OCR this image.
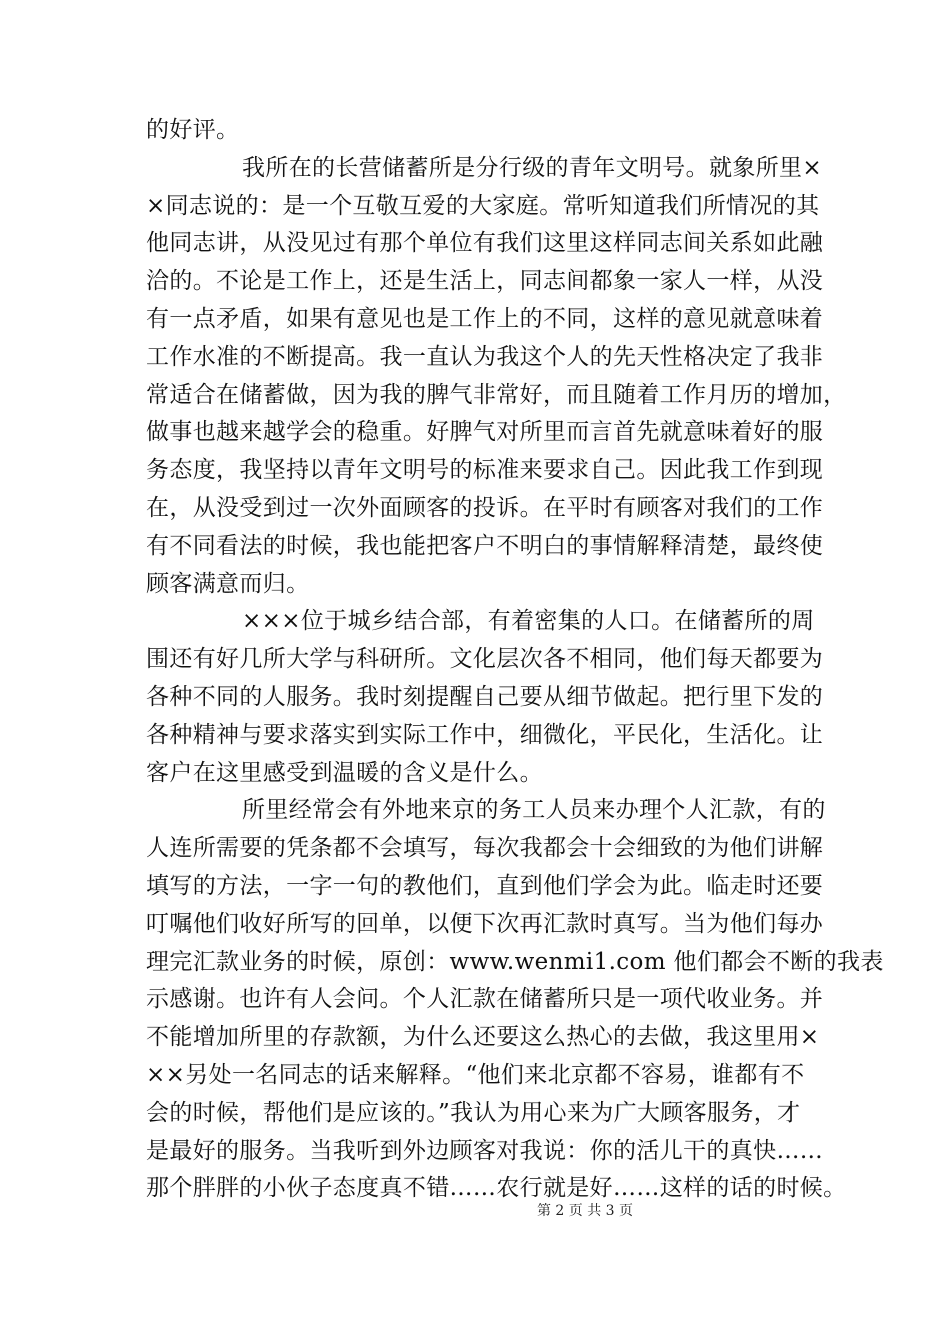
的好评。
我所在的长营储蓄所是分行级的青年文明号。就象所里×
×同志说的：是一个互敬互爱的大家庭。常听知道我们所情况的其
他同志讲，从没见过有那个单位有我们这里这样同志间关系如此融
洽的。不论是工作上，还是生活上，同志间都象一家人一样，从没
有一点矛盾，如果有意见也是工作上的不同，这样的意见就意味着
工作水准的不断提高。我一直认为我这个人的先天性格决定了我非
常适合在储蓄做，因为我的脾气非常好，而且随着工作月历的增加，
做事也越来越学会的稳重。好脾气对所里而言首先就意味着好的服
务态度，我坚持以青年文明号的标准来要求自己。因此我工作到现
在，从没受到过一次外面顾客的投诉。在平时有顾客对我们的工作
有不同看法的时候，我也能把客户不明白的事情解释清楚，最终使
顾客满意而归。
×××位于城乡结合部，有着密集的人口。在储蓄所的周
围还有好几所大学与科研所。文化层次各不相同，他们每天都要为
各种不同的人服务。我时刻提醒自己要从细节做起。把行里下发的
各种精神与要求落实到实际工作中，细微化，平民化，生活化。让
客户在这里感受到温暖的含义是什么。
所里经常会有外地来京的务工人员来办理个人汇款，有的
人连所需要的凭条都不会填写，每次我都会十会细致的为他们讲解
填写的方法，一字一句的教他们，直到他们学会为此。临走时还要
叮嘱他们收好所写的回单，以便下次再汇款时真写。当为他们每办
理完汇款业务的时候，原创：www.wenmi1.com 他们都会不断的我表
示感谢。也许有人会问。个人汇款在储蓄所只是一项代收业务。并
不能增加所里的存款额，为什么还要这么热心的去做，我这里用×
××另处一名同志的话来解释。“他们来北京都不容易，谁都有不
会的时候，帮他们是应该的。”我认为用心来为广大顾客服务，才
是最好的服务。当我听到外边顾客对我说：你的活儿干的真快……
那个胖胖的小伙子态度真不错……农行就是好……这样的话的时候。
第 2 页 共 3 页
